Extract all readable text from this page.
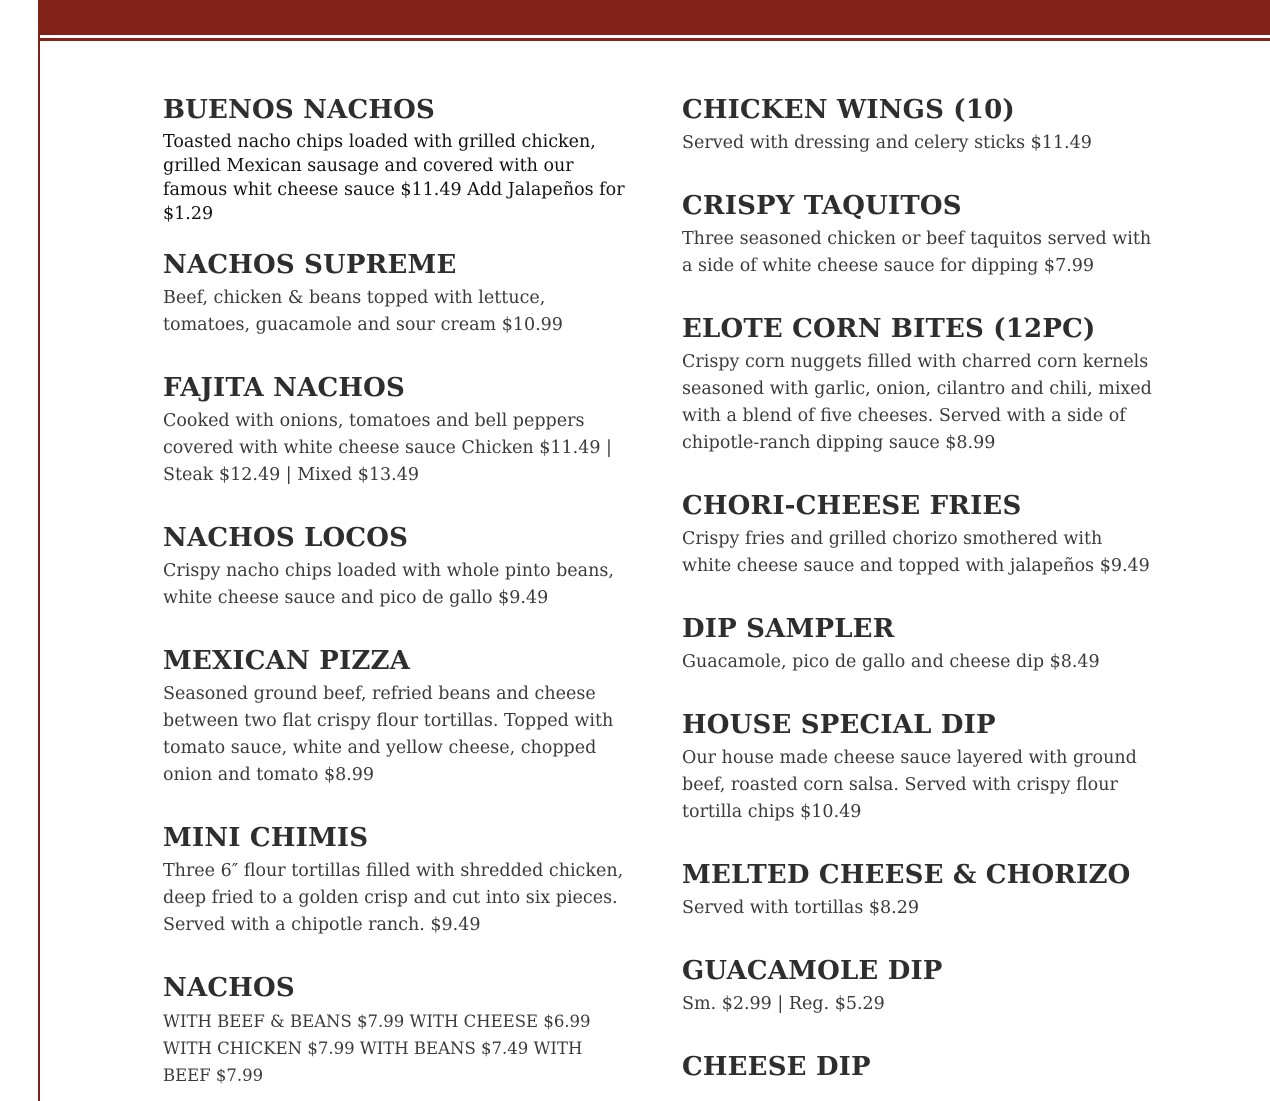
BUENOS NACHOS

Toasted nacho chips loaded with grilled chicken, grilled Mexican sausage and covered with our famous whit cheese sauce $11.49 Add Jalapeños for $1.29

NACHOS SUPREME

Beef, chicken & beans topped with lettuce, tomatoes, guacamole and sour cream $10.99

FAJITA NACHOS

Cooked with onions, tomatoes and bell peppers covered with white cheese sauce Chicken $11.49 | Steak $12.49 | Mixed $13.49

NACHOS LOCOS

Crispy nacho chips loaded with whole pinto beans, white cheese sauce and pico de gallo $9.49

MEXICAN PIZZA

Seasoned ground beef, refried beans and cheese between two flat crispy flour tortillas. Topped with tomato sauce, white and yellow cheese, chopped onion and tomato $8.99

MINI CHIMIS

Three 6″ flour tortillas filled with shredded chicken, deep fried to a golden crisp and cut into six pieces. Served with a chipotle ranch. $9.49

NACHOS

WITH BEEF & BEANS $7.99 WITH CHEESE $6.99 WITH CHICKEN $7.99 WITH BEANS $7.49 WITH BEEF $7.99

CHICKEN WINGS (10)

Served with dressing and celery sticks $11.49

CRISPY TAQUITOS

Three seasoned chicken or beef taquitos served with a side of white cheese sauce for dipping $7.99

ELOTE CORN BITES (12PC)

Crispy corn nuggets filled with charred corn kernels seasoned with garlic, onion, cilantro and chili, mixed with a blend of five cheeses. Served with a side of chipotle-ranch dipping sauce $8.99

CHORI-CHEESE FRIES

Crispy fries and grilled chorizo smothered with white cheese sauce and topped with jalapeños $9.49

DIP SAMPLER

Guacamole, pico de gallo and cheese dip $8.49

HOUSE SPECIAL DIP

Our house made cheese sauce layered with ground beef, roasted corn salsa. Served with crispy flour tortilla chips $10.49

MELTED CHEESE & CHORIZO

Served with tortillas $8.29

GUACAMOLE DIP

Sm. $2.99 | Reg. $5.29

CHEESE DIP
